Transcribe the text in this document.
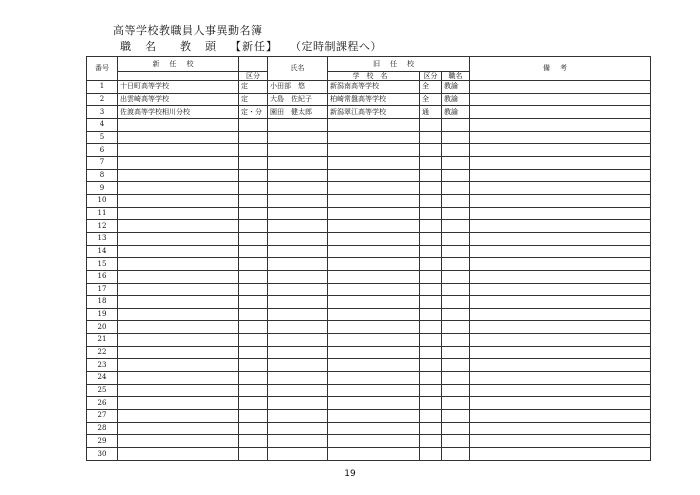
高等学校教職員人事異動名簿
職名 教頭【新任】 （定時制課程へ）
番号	新任校		氏名	旧任校			備考
		区分		学校名	区分	職名	
1	十日町高等学校	定	小田部　悠	新潟南高等学校	全	教諭	
2	出雲崎高等学校	定	大島　佐紀子	柏崎常盤高等学校	全	教諭	
3	佐渡高等学校相川分校	定・分	園田　健太郎	新潟翠江高等学校	通	教諭	
4							
5							
6							
7							
8							
9							
10							
11							
12							
13							
14							
15							
16							
17							
18							
19							
20							
21							
22							
23							
24							
25							
26							
27							
28							
29							
30							
19
